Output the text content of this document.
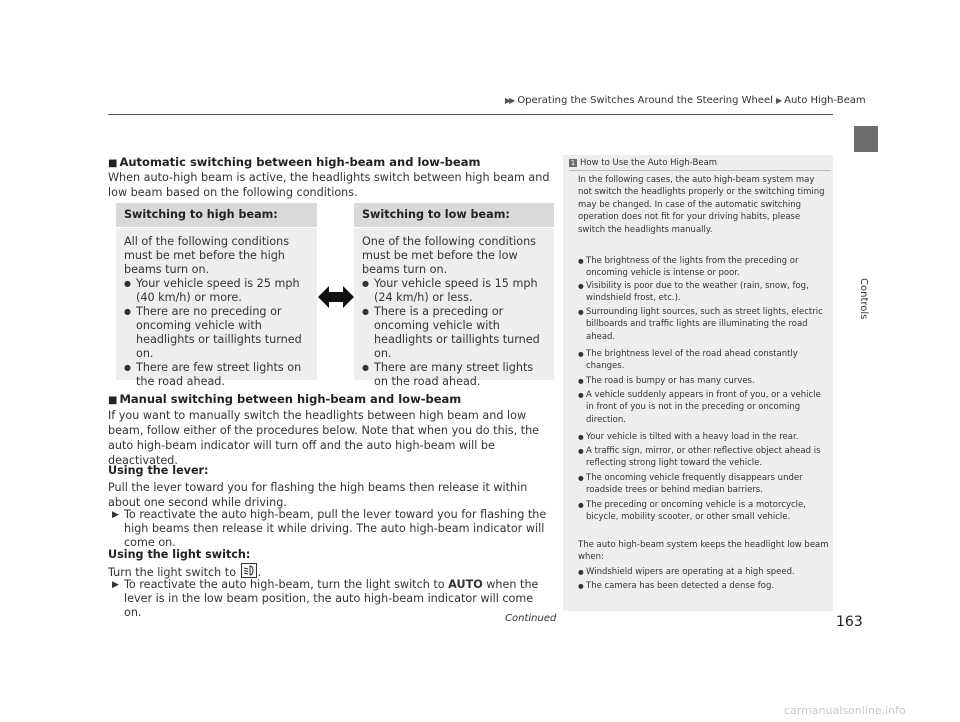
▶▶ Operating the Switches Around the Steering Wheel ▶ Auto High-Beam
Controls
■ Automatic switching between high-beam and low-beam
When auto-high beam is active, the headlights switch between high beam and low beam based on the following conditions.
Switching to high beam:	Switching to low beam:
All of the following conditions must be met before the high beams turn on.
● Your vehicle speed is 25 mph (40 km/h) or more.
● There are no preceding or oncoming vehicle with headlights or taillights turned on.
● There are few street lights on the road ahead.
One of the following conditions must be met before the low beams turn on.
● Your vehicle speed is 15 mph (24 km/h) or less.
● There is a preceding or oncoming vehicle with headlights or taillights turned on.
● There are many street lights on the road ahead.
■ Manual switching between high-beam and low-beam
If you want to manually switch the headlights between high beam and low beam, follow either of the procedures below. Note that when you do this, the auto high-beam indicator will turn off and the auto high-beam will be deactivated.
Using the lever:
Pull the lever toward you for flashing the high beams then release it within about one second while driving.
▶ To reactivate the auto high-beam, pull the lever toward you for flashing the high beams then release it while driving. The auto high-beam indicator will come on.
Using the light switch:
Turn the light switch to .
▶ To reactivate the auto high-beam, turn the light switch to AUTO when the lever is in the low beam position, the auto high-beam indicator will come on.
1 How to Use the Auto High-Beam
In the following cases, the auto high-beam system may not switch the headlights properly or the switching timing may be changed. In case of the automatic switching operation does not fit for your driving habits, please switch the headlights manually.
● The brightness of the lights from the preceding or oncoming vehicle is intense or poor.
● Visibility is poor due to the weather (rain, snow, fog, windshield frost, etc.).
● Surrounding light sources, such as street lights, electric billboards and traffic lights are illuminating the road ahead.
● The brightness level of the road ahead constantly changes.
● The road is bumpy or has many curves.
● A vehicle suddenly appears in front of you, or a vehicle in front of you is not in the preceding or oncoming direction.
● Your vehicle is tilted with a heavy load in the rear.
● A traffic sign, mirror, or other reflective object ahead is reflecting strong light toward the vehicle.
● The oncoming vehicle frequently disappears under roadside trees or behind median barriers.
● The preceding or oncoming vehicle is a motorcycle, bicycle, mobility scooter, or other small vehicle.
The auto high-beam system keeps the headlight low beam when:
● Windshield wipers are operating at a high speed.
● The camera has been detected a dense fog.
Continued	163
carmanualsonline.info
